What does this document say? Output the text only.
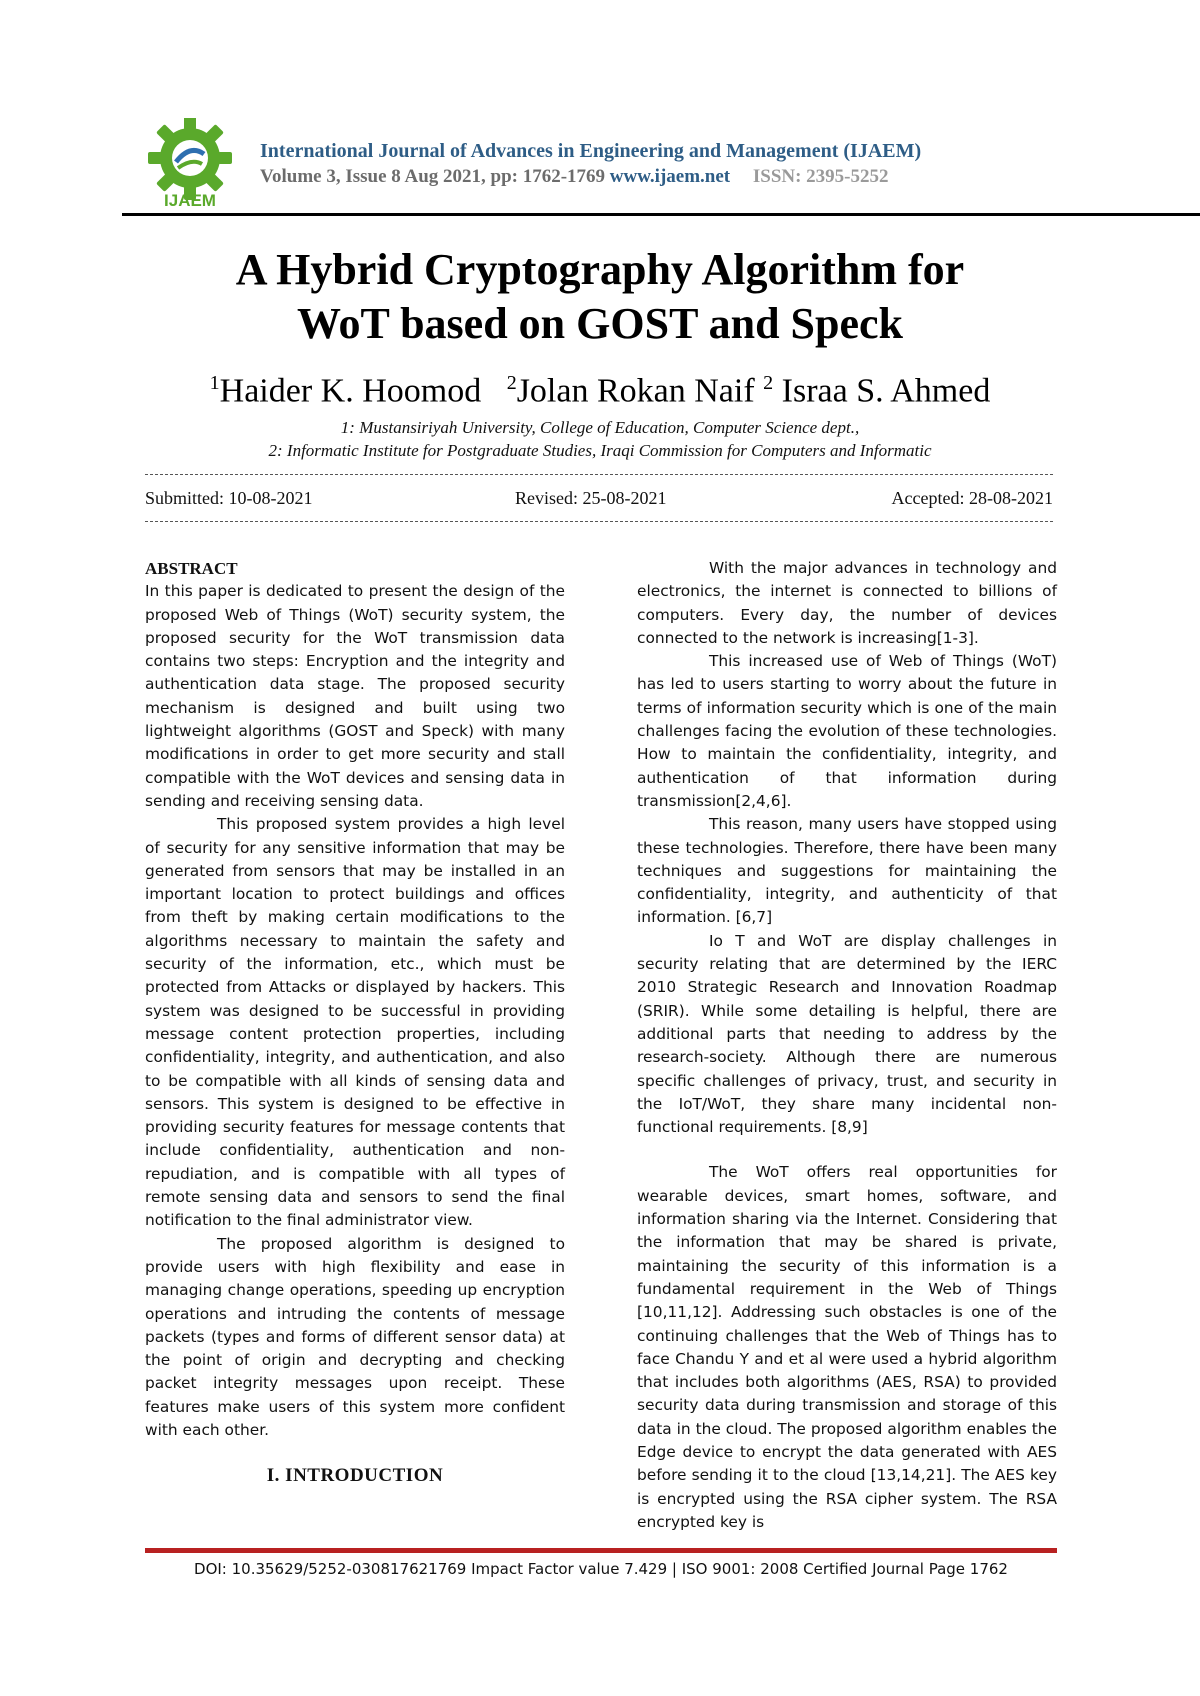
IJAEM
International Journal of Advances in Engineering and Management (IJAEM)
Volume 3, Issue 8 Aug 2021, pp: 1762-1769 www.ijaem.net ISSN: 2395-5252
A Hybrid Cryptography Algorithm for
WoT based on GOST and Speck
$^1$Haider K. Hoomod $^2$Jolan Rokan Naif $^2$ Israa S. Ahmed
1: Mustansiriyah University, College of Education, Computer Science dept.,
2: Informatic Institute for Postgraduate Studies, Iraqi Commission for Computers and Informatic
Submitted: 10-08-2021	Revised: 25-08-2021	Accepted: 28-08-2021
ABSTRACT

In this paper is dedicated to present the design of the proposed Web of Things (WoT) security system, the proposed security for the WoT transmission data contains two steps: Encryption and the integrity and authentication data stage. The proposed security mechanism is designed and built using two lightweight algorithms (GOST and Speck) with many modifications in order to get more security and stall compatible with the WoT devices and sensing data in sending and receiving sensing data.

This proposed system provides a high level of security for any sensitive information that may be generated from sensors that may be installed in an important location to protect buildings and offices from theft by making certain modifications to the algorithms necessary to maintain the safety and security of the information, etc., which must be protected from Attacks or displayed by hackers. This system was designed to be successful in providing message content protection properties, including confidentiality, integrity, and authentication, and also to be compatible with all kinds of sensing data and sensors. This system is designed to be effective in providing security features for message contents that include confidentiality, authentication and non-repudiation, and is compatible with all types of remote sensing data and sensors to send the final notification to the final administrator view.

The proposed algorithm is designed to provide users with high flexibility and ease in managing change operations, speeding up encryption operations and intruding the contents of message packets (types and forms of different sensor data) at the point of origin and decrypting and checking packet integrity messages upon receipt. These features make users of this system more confident with each other.

I. INTRODUCTION

With the major advances in technology and electronics, the internet is connected to billions of computers. Every day, the number of devices connected to the network is increasing[1-3].

This increased use of Web of Things (WoT) has led to users starting to worry about the future in terms of information security which is one of the main challenges facing the evolution of these technologies. How to maintain the confidentiality, integrity, and authentication of that information during transmission[2,4,6].

This reason, many users have stopped using these technologies. Therefore, there have been many techniques and suggestions for maintaining the confidentiality, integrity, and authenticity of that information. [6,7]

Io T and WoT are display challenges in security relating that are determined by the IERC 2010 Strategic Research and Innovation Roadmap (SRIR). While some detailing is helpful, there are additional parts that needing to address by the research-society. Although there are numerous specific challenges of privacy, trust, and security in the IoT/WoT, they share many incidental non-functional requirements. [8,9]

The WoT offers real opportunities for wearable devices, smart homes, software, and information sharing via the Internet. Considering that the information that may be shared is private, maintaining the security of this information is a fundamental requirement in the Web of Things [10,11,12]. Addressing such obstacles is one of the continuing challenges that the Web of Things has to face Chandu Y and et al were used a hybrid algorithm that includes both algorithms (AES, RSA) to provided security data during transmission and storage of this data in the cloud. The proposed algorithm enables the Edge device to encrypt the data generated with AES before sending it to the cloud [13,14,21]. The AES key is encrypted using the RSA cipher system. The RSA encrypted key is

DOI: 10.35629/5252-030817621769 Impact Factor value 7.429 | ISO 9001: 2008 Certified Journal Page 1762
